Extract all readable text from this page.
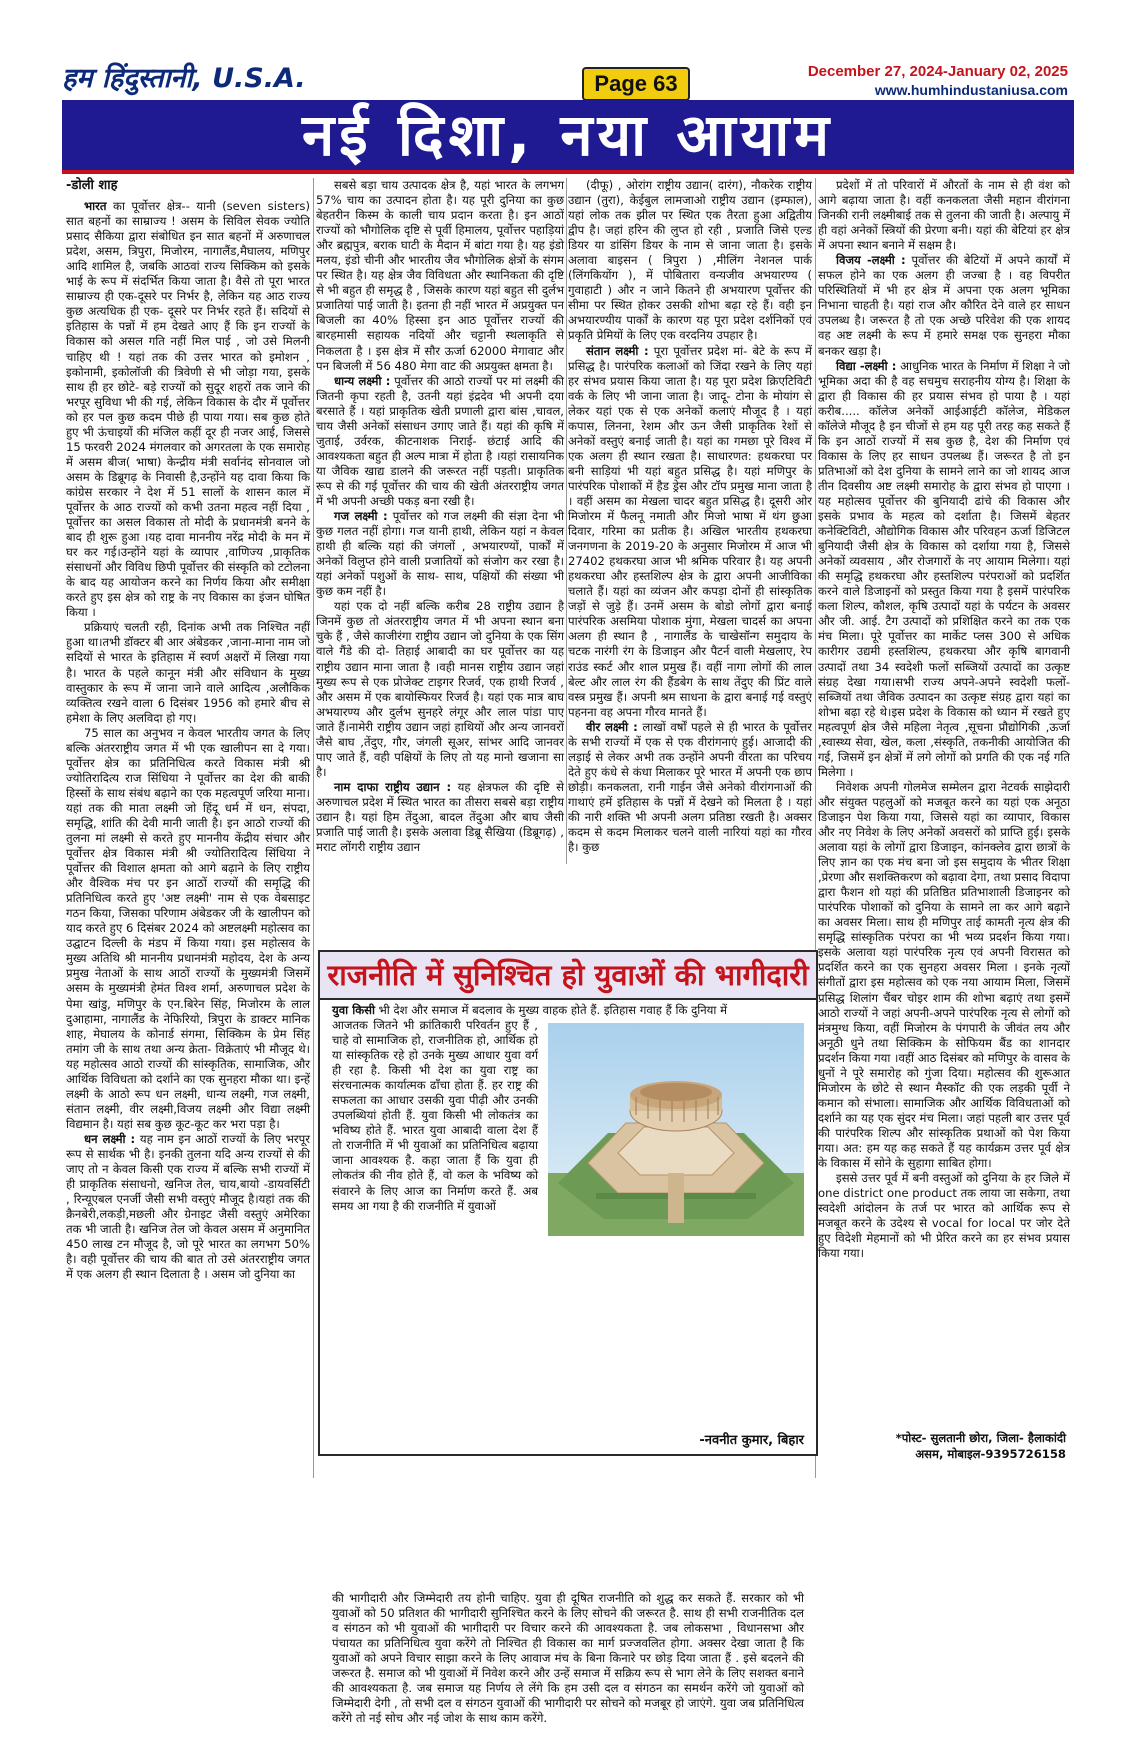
हम हिंदुस्तानी, U.S.A.	Page 63	December 27, 2024-January 02, 2025
www.humhindustaniusa.com
नई दिशा, नया आयाम
-डोली शाह

भारत का पूर्वोत्तर क्षेत्र-- यानी (seven sisters) सात बहनों का साम्राज्य ! असम के सिविल सेवक ज्योति प्रसाद सैकिया द्वारा संबोधित इन सात बहनों में अरुणाचल प्रदेश, असम, त्रिपुरा, मिजोरम, नागालैंड,मैघालय, मणिपुर आदि शामिल है, जबकि आठवां राज्य सिक्किम को इसके भाई के रूप में संदर्भित किया जाता है। वैसे तो पूरा भारत साम्राज्य ही एक-दूसरे पर निर्भर है, लेकिन यह आठ राज्य कुछ अत्यधिक ही एक- दूसरे पर निर्भर रहते हैं। सदियों से इतिहास के पन्नों में हम देखते आए हैं कि इन राज्यों के विकास को असल गति नहीं मिल पाई , जो उसे मिलनी चाहिए थी ! यहां तक की उत्तर भारत को इमोशन , इकोनामी, इकोलॉजी की त्रिवेणी से भी जोड़ा गया, इसके साथ ही हर छोटे- बड़े राज्यों को सुदूर शहरों तक जाने की भरपूर सुविधा भी की गई, लेकिन विकास के दौर में पूर्वोत्तर को हर पल कुछ कदम पीछे ही पाया गया। सब कुछ होते हुए भी ऊंचाइयों की मंजिल कहीं दूर ही नजर आई, जिससे 15 फरवरी 2024 मंगलवार को अगरतला के एक समारोह में असम बीज( भाषा) केन्द्रीय मंत्री सर्वानंद सोनवाल जो असम के डिब्रूगढ़ के निवासी है,उन्होंने यह दावा किया कि कांग्रेस सरकार ने देश में 51 सालों के शासन काल में पूर्वोत्तर के आठ राज्यों को कभी उतना महत्व नहीं दिया , पूर्वोत्तर का असल विकास तो मोदी के प्रधानमंत्री बनने के बाद ही शुरू हुआ ।यह दावा माननीय नरेंद्र मोदी के मन में घर कर गई।उन्होंने यहां के व्यापार ,वाणिज्य ,प्राकृतिक संसाधनों और विविध छिपी पूर्वोत्तर की संस्कृति को टटोलना के बाद यह आयोजन करने का निर्णय किया और समीक्षा करते हुए इस क्षेत्र को राष्ट्र के नए विकास का इंजन घोषित किया ।

प्रक्रियाएं चलती रही, दिनांक अभी तक निश्चित नहीं हुआ था।तभी डॉक्टर बी आर अंबेडकर ,जाना-माना नाम जो सदियों से भारत के इतिहास में स्वर्ण अक्षरों में लिखा गया है। भारत के पहले कानून मंत्री और संविधान के मुख्य वास्तुकार के रूप में जाना जाने वाले आदित्य ,अलौकिक व्यक्तित्व रखने वाला 6 दिसंबर 1956 को हमारे बीच से हमेशा के लिए अलविदा हो गए।

75 साल का अनुभव न केवल भारतीय जगत के लिए बल्कि अंतरराष्ट्रीय जगत में भी एक खालीपन सा दे गया। पूर्वोत्तर क्षेत्र का प्रतिनिधित्व करते विकास मंत्री श्री ज्योतिरादित्य राज सिंधिया ने पूर्वोत्तर का देश की बाकी हिस्सों के साथ संबंध बढ़ाने का एक महत्वपूर्ण जरिया माना। यहां तक की माता लक्ष्मी जो हिंदू धर्म में धन, संपदा, समृद्धि, शांति की देवी मानी जाती है। इन आठो राज्यों की तुलना मां लक्ष्मी से करते हुए माननीय केंद्रीय संचार और पूर्वोत्तर क्षेत्र विकास मंत्री श्री ज्योतिरादित्य सिंधिया ने पूर्वोत्तर की विशाल क्षमता को आगे बढ़ाने के लिए राष्ट्रीय और वैश्विक मंच पर इन आठों राज्यों की समृद्धि की प्रतिनिधित्व करते हुए 'अष्ट लक्ष्मी' नाम से एक वेबसाइट गठन किया, जिसका परिणाम अंबेडकर जी के खालीपन को याद करते हुए 6 दिसंबर 2024 को अष्टलक्ष्मी महोत्सव का उद्घाटन दिल्ली के मंडप में किया गया। इस महोत्सव के मुख्य अतिथि श्री माननीय प्रधानमंत्री महोदय, देश के अन्य प्रमुख नेताओं के साथ आठों राज्यों के मुख्यमंत्री जिसमें असम के मुख्यमंत्री हेमंत विश्व शर्मा, अरुणाचल प्रदेश के पेमा खांडु, मणिपुर के एन.बिरेन सिंह, मिजोरम के लाल दुआहामा, नागालैंड के नेफिरियो, त्रिपुरा के डाक्टर मानिक शाह, मेघालय के कोनार्ड संगमा, सिक्किम के प्रेम सिंह तमांग जी के साथ तथा अन्य क्रेता- विक्रेताएं भी मौजूद थे। यह महोत्सव आठो राज्यों की सांस्कृतिक, सामाजिक, और आर्थिक विविधता को दर्शाने का एक सुनहरा मौका था। इन्हें लक्ष्मी के आठो रूप धन लक्ष्मी, धान्य लक्ष्मी, गज लक्ष्मी, संतान लक्ष्मी, वीर लक्ष्मी,विजय लक्ष्मी और विद्या लक्ष्मी विद्यमान है। यहां सब कुछ कूट-कूट कर भरा पड़ा है।

धन लक्ष्मी : यह नाम इन आठों राज्यों के लिए भरपूर रूप से सार्थक भी है। इनकी तुलना यदि अन्य राज्यों से की जाए तो न केवल किसी एक राज्य में बल्कि सभी राज्यों में ही प्राकृतिक संसाधनो, खनिज तेल, चाय,बायो -डायवर्सिटी , रिन्यूएबल एनर्जी जैसी सभी वस्तुएं मौजूद है।यहां तक की क्रैनबेरी,लकड़ी,मछली और ग्रेनाइट जैसी वस्तुएं अमेरिका तक भी जाती है। खनिज तेल जो केवल असम में अनुमानित 450 लाख टन मौजूद है, जो पूरे भारत का लगभग 50% है। वही पूर्वोत्तर की चाय की बात तो उसे अंतरराष्ट्रीय जगत में एक अलग ही स्थान दिलाता है । असम जो दुनिया का

सबसे बड़ा चाय उत्पादक क्षेत्र है, यहां भारत के लगभग 57% चाय का उत्पादन होता है। यह पूरी दुनिया का कुछ बेहतरीन किस्म के काली चाय प्रदान करता है। इन आठों राज्यों को भौगोलिक दृष्टि से पूर्वी हिमालय, पूर्वोत्तर पहाड़ियां और ब्रह्मपुत्र, बराक घाटी के मैदान में बांटा गया है। यह इंडो मलय, इंडो चीनी और भारतीय जैव भौगोलिक क्षेत्रों के संगम पर स्थित है। यह क्षेत्र जैव विविधता और स्थानिकता की दृष्टि से भी बहुत ही समृद्ध है , जिसके कारण यहां बहुत सी दुर्लभ प्रजातियां पाई जाती है। इतना ही नहीं भारत में अप्रयुक्त पन बिजली का 40% हिस्सा इन आठ पूर्वोत्तर राज्यों की बारहमासी सहायक नदियों और चट्टानी स्थलाकृति से निकलता है । इस क्षेत्र में सौर ऊर्जा 62000 मेगावाट और पन बिजली में 56 480 मेगा वाट की अप्रयुक्त क्षमता है।

धान्य लक्ष्मी : पूर्वोत्तर की आठो राज्यों पर मां लक्ष्मी की जितनी कृपा रहती है, उतनी यहां इंद्रदेव भी अपनी दया बरसाते हैं । यहां प्राकृतिक खेती प्रणाली द्वारा बांस ,चावल, चाय जैसी अनेकों संसाधन उगाए जाते हैं। यहां की कृषि में जुताई, उर्वरक, कीटनाशक निराई- छंटाई आदि की आवश्यकता बहुत ही अल्प मात्रा में होता है ।यहां रासायनिक या जैविक खाद्य डालने की जरूरत नहीं पड़ती। प्राकृतिक रूप से की गई पूर्वोत्तर की चाय की खेती अंतरराष्ट्रीय जगत में भी अपनी अच्छी पकड़ बना रखी है।

गज लक्ष्मी : पूर्वोत्तर को गज लक्ष्मी की संज्ञा देना भी कुछ गलत नहीं होगा। गज यानी हाथी, लेकिन यहां न केवल हाथी ही बल्कि यहां की जंगलों , अभयारण्यों, पार्कों में अनेकों विलुप्त होने वाली प्रजातियों को संजोग कर रखा है। यहां अनेकों पशुओं के साथ- साथ, पक्षियों की संख्या भी कुछ कम नहीं है।

यहां एक दो नहीं बल्कि करीब 28 राष्ट्रीय उद्यान है जिनमें कुछ तो अंतरराष्ट्रीय जगत में भी अपना स्थान बना चुके हैं , जैसे काजीरंगा राष्ट्रीय उद्यान जो दुनिया के एक सिंग वाले गैंडे की दो- तिहाई आबादी का घर पूर्वोत्तर का यह राष्ट्रीय उद्यान माना जाता है ।वही मानस राष्ट्रीय उद्यान जहां मुख्य रूप से एक प्रोजेक्ट टाइगर रिजर्व, एक हाथी रिजर्व , और असम में एक बायोस्फियर रिजर्व है। यहां एक मात्र बाघ अभयारण्य और दुर्लभ सुनहरे लंगूर और लाल पांडा पाए जाते हैं।नामेरी राष्ट्रीय उद्यान जहां हाथियों और अन्य जानवरों जैसे बाघ ,तेंदुए, गौर, जंगली सूअर, सांभर आदि जानवर पाए जाते हैं, वही पक्षियों के लिए तो यह मानो खजाना सा है।

नाम दाफा राष्ट्रीय उद्यान : यह क्षेत्रफल की दृष्टि से अरुणाचल प्रदेश में स्थित भारत का तीसरा सबसे बड़ा राष्ट्रीय उद्यान है। यहां हिम तेंदुआ, बादल तेंदुआ और बाघ जैसी प्रजाति पाई जाती है। इसके अलावा डिब्रू सैखिया (डिब्रूगढ़) , मराट लोंगरी राष्ट्रीय उद्यान

(दीफू) , ओरांग राष्ट्रीय उद्यान( दारंग), नौकरेक राष्ट्रीय उद्यान (तुरा), केईबुल लामजाओ राष्ट्रीय उद्यान (इम्फाल), यहां लोक तक झील पर स्थित एक तैरता हुआ अद्वितीय द्वीप है। जहां हरिन की लुप्त हो रही , प्रजाति जिसे एल्ड डियर या डांसिंग डियर के नाम से जाना जाता है। इसके अलावा बाइसन ( त्रिपुरा ) ,मीलिंग नेशनल पार्क (लिंगकियोंग ), में पोबितारा वन्यजीव अभयारण्य ( गुवाहाटी ) और न जाने कितने ही अभयारण पूर्वोत्तर की सीमा पर स्थित होकर उसकी शोभा बढ़ा रहे हैं। वही इन अभयारण्यीय पार्कों के कारण यह पूरा प्रदेश दर्शनिकों एवं प्रकृति प्रेमियों के लिए एक वरदनिय उपहार है।

संतान लक्ष्मी : पूरा पूर्वोत्तर प्रदेश मां- बेटे के रूप में प्रसिद्ध है। पारंपरिक कलाओं को जिंदा रखने के लिए यहां हर संभव प्रयास किया जाता है। यह पूरा प्रदेश क्रिएटिविटी वर्क के लिए भी जाना जाता है। जादू- टोना के मोयांग से लेकर यहां एक से एक अनेकों कलाएं मौजूद है । यहां कपास, लिनना, रेशम और ऊन जैसी प्राकृतिक रेशों से अनेकों वस्तुएं बनाई जाती है। यहां का गमछा पूरे विश्व में एक अलग ही स्थान रखता है। साधारणत: हथकरघा पर बनी साड़ियां भी यहां बहुत प्रसिद्ध है। यहां मणिपुर के पारंपरिक पोशाकों में हैड ड्रेस और टॉप प्रमुख माना जाता है । वहीं असम का मेखला चादर बहुत प्रसिद्ध है। दूसरी ओर मिजोरम में फैलनू नमाती और मिजो भाषा में थंग छुआ दिवार, गरिमा का प्रतीक है। अखिल भारतीय हथकरघा जनगणना के 2019-20 के अनुसार मिजोरम में आज भी 27402 हथकरघा आज भी श्रमिक परिवार है। यह अपनी हथकरघा और हस्तशिल्प क्षेत्र के द्वारा अपनी आजीविका चलाते हैं। यहां का व्यंजन और कपड़ा दोनों ही सांस्कृतिक जड़ों से जुड़े हैं। उनमें असम के बोडो लोगों द्वारा बनाई पारंपरिक असमिया पोशाक मुंगा, मेखला चादर्स का अपना अलग ही स्थान है , नागालैंड के चाखेसॉन्ग समुदाय के चटक नारंगी रंग के डिजाइन और पैटर्न वाली मेखलाए, रेप राउंड स्कर्ट और शाल प्रमुख हैं। वहीं नागा लोगों की लाल बेल्ट और लाल रंग की हैंडबेग के साथ तेंदुए की प्रिंट वाले वस्त्र प्रमुख हैं। अपनी श्रम साधना के द्वारा बनाई गई वस्तुएं पहनना वह अपना गौरव मानते हैं।

वीर लक्ष्मी : लाखों वर्षों पहले से ही भारत के पूर्वोत्तर के सभी राज्यों में एक से एक वीरांगनाएं हुई। आजादी की लड़ाई से लेकर अभी तक उन्होंने अपनी वीरता का परिचय देते हुए कंधे से कंधा मिलाकर पूरे भारत में अपनी एक छाप छोड़ी। कनकलता, रानी गाईन जैसे अनेको वीरांगनाओं की गाथाएं हमें इतिहास के पन्नों में देखने को मिलता है । यहां की नारी शक्ति भी अपनी अलग प्रतिष्ठा रखती है। अक्सर कदम से कदम मिलाकर चलने वाली नारियां यहां का गौरव है। कुछ

प्रदेशों में तो परिवारों में औरतों के नाम से ही वंश को आगे बढ़ाया जाता है। वहीं कनकलता जैसी महान वीरांगना जिनकी रानी लक्ष्मीबाई तक से तुलना की जाती है। अल्पायु में ही वहां अनेकों स्त्रियों की प्रेरणा बनी। यहां की बेटियां हर क्षेत्र में अपना स्थान बनाने में सक्षम है।

विजय -लक्ष्मी : पूर्वोत्तर की बेटियों में अपने कार्यों में सफल होने का एक अलग ही जज्बा है । वह विपरीत परिस्थितियों में भी हर क्षेत्र में अपना एक अलग भूमिका निभाना चाहती है। यहां राज और कौरित देने वाले हर साधन उपलब्ध है। जरूरत है तो एक अच्छे परिवेश की एक शायद वह अष्ट लक्ष्मी के रूप में हमारे समक्ष एक सुनहरा मौका बनकर खड़ा है।

विद्या -लक्ष्मी : आधुनिक भारत के निर्माण में शिक्षा ने जो भूमिका अदा की है वह सचमुच सराहनीय योग्य है। शिक्षा के द्वारा ही विकास की हर प्रयास संभव हो पाया है । यहां करीब..... कॉलेज अनेकों आईआईटी कॉलेज, मेडिकल कॉलेजे मौजूद है इन चीजों से हम यह पूरी तरह कह सकते हैं कि इन आठों राज्यों में सब कुछ है, देश की निर्माण एवं विकास के लिए हर साधन उपलब्ध हैं। जरूरत है तो इन प्रतिभाओं को देश दुनिया के सामने लाने का जो शायद आज तीन दिवसीय अष्ट लक्ष्मी समारोह के द्वारा संभव हो पाएगा । यह महोत्सव पूर्वोत्तर की बुनियादी ढांचे की विकास और इसके प्रभाव के महत्व को दर्शाता है। जिसमें बेहतर कनेक्टिविटी, औद्योगिक विकास और परिवहन ऊर्जा डिजिटल बुनियादी जैसी क्षेत्र के विकास को दर्शाया गया है, जिससे अनेकों व्यवसाय , और रोजगारों के नए आयाम मिलेगा। यहां की समृद्धि हथकरघा और हस्तशिल्प परंपराओं को प्रदर्शित करने वाले डिजाइनों को प्रस्तुत किया गया है इसमें पारंपरिक कला शिल्प, कौशल, कृषि उत्पादों यहां के पर्यटन के अवसर और जी. आई. टैग उत्पादों को प्रशिक्षित करने का तक एक मंच मिला। पूरे पूर्वोत्तर का मार्केट प्लस 300 से अधिक कारीगर उद्यमी हस्तशिल्प, हथकरघा और कृषि बागवानी उत्पादों तथा 34 स्वदेशी फलों सब्जियों उत्पादों का उत्कृष्ट संग्रह देखा गया।सभी राज्य अपने-अपने स्वदेशी फलों- सब्जियों तथा जैविक उत्पादन का उत्कृष्ट संग्रह द्वारा यहां का शोभा बढ़ा रहे थे।इस प्रदेश के विकास को ध्यान में रखते हुए महत्वपूर्ण क्षेत्र जैसे महिला नेतृत्व ,सूचना प्रौद्योगिकी ,ऊर्जा ,स्वास्थ्य सेवा, खेल, कला ,संस्कृति, तकनीकी आयोजित की गई, जिसमें इन क्षेत्रों में लगे लोगों को प्रगति की एक नई गति मिलेगा ।

निवेशक अपनी गोलमेज सम्मेलन द्वारा नेटवर्क साझेदारी और संयुक्त पहलुओं को मजबूत करने का यहां एक अनूठा डिजाइन पेश किया गया, जिससे यहां का व्यापार, विकास और नए निवेश के लिए अनेकों अवसरों को प्राप्ति हुई। इसके अलावा यहां के लोगों द्वारा डिजाइन, कांनक्लेव द्वारा छात्रों के लिए ज्ञान का एक मंच बना जो इस समुदाय के भीतर शिक्षा ,प्रेरणा और सशक्तिकरण को बढ़ावा देगा, तथा प्रसाद विदापा द्वारा फैशन शो यहां की प्रतिष्ठित प्रतिभाशाली डिजाइनर को पारंपरिक पोशाकों को दुनिया के सामने ला कर आगे बढ़ाने का अवसर मिला। साथ ही मणिपुर ताई कामती नृत्य क्षेत्र की समृद्धि सांस्कृतिक परंपरा का भी भव्य प्रदर्शन किया गया। इसके अलावा यहां पारंपरिक नृत्य एवं अपनी विरासत को प्रदर्शित करने का एक सुनहरा अवसर मिला । इनके नृत्यों संगीतों द्वारा इस महोत्सव को एक नया आयाम मिला, जिसमें प्रसिद्ध शिलांग चैंबर चोइर शाम की शोभा बढ़ाएं तथा इसमें आठो राज्यों ने जहां अपनी-अपने पारंपरिक नृत्य से लोगों को मंत्रमुग्ध किया, वहीं मिजोरम के पंगपारी के जीवंत लय और अनूठी धुने तथा सिक्किम के सोफियम बैंड का शानदार प्रदर्शन किया गया ।वहीं आठ दिसंबर को मणिपुर के वासव के धुनों ने पूरे समारोह को गुंजा दिया। महोत्सव की शुरूआत मिजोरम के छोटे से स्थान मैस्कॉट की एक लड़की पूर्वी ने कमान को संभाला। सामाजिक और आर्थिक विविधताओं को दर्शाने का यह एक सुंदर मंच मिला। जहां पहली बार उत्तर पूर्व की पारंपरिक शिल्प और सांस्कृतिक प्रथाओं को पेश किया गया। अत: हम यह कह सकते हैं यह कार्यक्रम उत्तर पूर्व क्षेत्र के विकास में सोने के सुहागा साबित होगा।

इससे उत्तर पूर्व में बनी वस्तुओं को दुनिया के हर जिले में one district one product तक लाया जा सकेगा, तथा स्वदेशी आंदोलन के तर्ज पर भारत को आर्थिक रूप से मजबूत करने के उदेश्य से vocal for local पर जोर देते हुए विदेशी मेहमानों को भी प्रेरित करने का हर संभव प्रयास किया गया।

*पोस्ट- सुलतानी छोरा, जिला- हैलाकांदी
असम, मोबाइल-9395726158
राजनीति में सुनिश्चित हो युवाओं की भागीदारी

युवा किसी भी देश और समाज में बदलाव के मुख्य वाहक होते हैं. इतिहास गवाह हैं कि दुनिया में

आजतक जितने भी क्रांतिकारी परिवर्तन हुए हैं , चाहे वो सामाजिक हो, राजनीतिक हो, आर्थिक हो या सांस्कृतिक रहे हो उनके मुख्य आधार युवा वर्ग ही रहा है. किसी भी देश का युवा राष्ट्र का संरचनात्मक कार्यात्मक ढाँचा होता हैं. हर राष्ट्र की सफलता का आधार उसकी युवा पीढ़ी और उनकी उपलब्धियां होती हैं. युवा किसी भी लोकतंत्र का भविष्य होते हैं. भारत युवा आबादी वाला देश हैं तो राजनीति में भी युवाओं का प्रतिनिधित्व बढ़ाया जाना आवश्यक है. कहा जाता हैं कि युवा ही लोकतंत्र की नीव होते हैं, वो कल के भविष्य को संवारने के लिए आज का निर्माण करते हैं. अब समय आ गया है की राजनीति में युवाओं

की भागीदारी और जिम्मेदारी तय होनी चाहिए. युवा ही दूषित राजनीति को शुद्ध कर सकते हैं. सरकार को भी युवाओं को 50 प्रतिशत की भागीदारी सुनिश्चित करने के लिए सोचने की जरूरत है. साथ ही सभी राजनीतिक दल व संगठन को भी युवाओं की भागीदारी पर विचार करने की आवश्यकता है. जब लोकसभा , विधानसभा और पंचायत का प्रतिनिधित्व युवा करेंगे तो निश्चित ही विकास का मार्ग प्रज्जवलित होगा. अक्सर देखा जाता है कि युवाओं को अपने विचार साझा करने के लिए आवाज मंच के बिना किनारे पर छोड़ दिया जाता हैं . इसे बदलने की जरूरत है. समाज को भी युवाओं में निवेश करने और उन्हें समाज में सक्रिय रूप से भाग लेने के लिए सशक्त बनाने की आवश्यकता है. जब समाज यह निर्णय ले लेंगे कि हम उसी दल व संगठन का समर्थन करेंगे जो युवाओं को जिम्मेदारी देगी , तो सभी दल व संगठन युवाओं की भागीदारी पर सोचने को मजबूर हो जाएंगे. युवा जब प्रतिनिधित्व करेंगे तो नई सोच और नई जोश के साथ काम करेंगे.

-नवनीत कुमार, बिहार
